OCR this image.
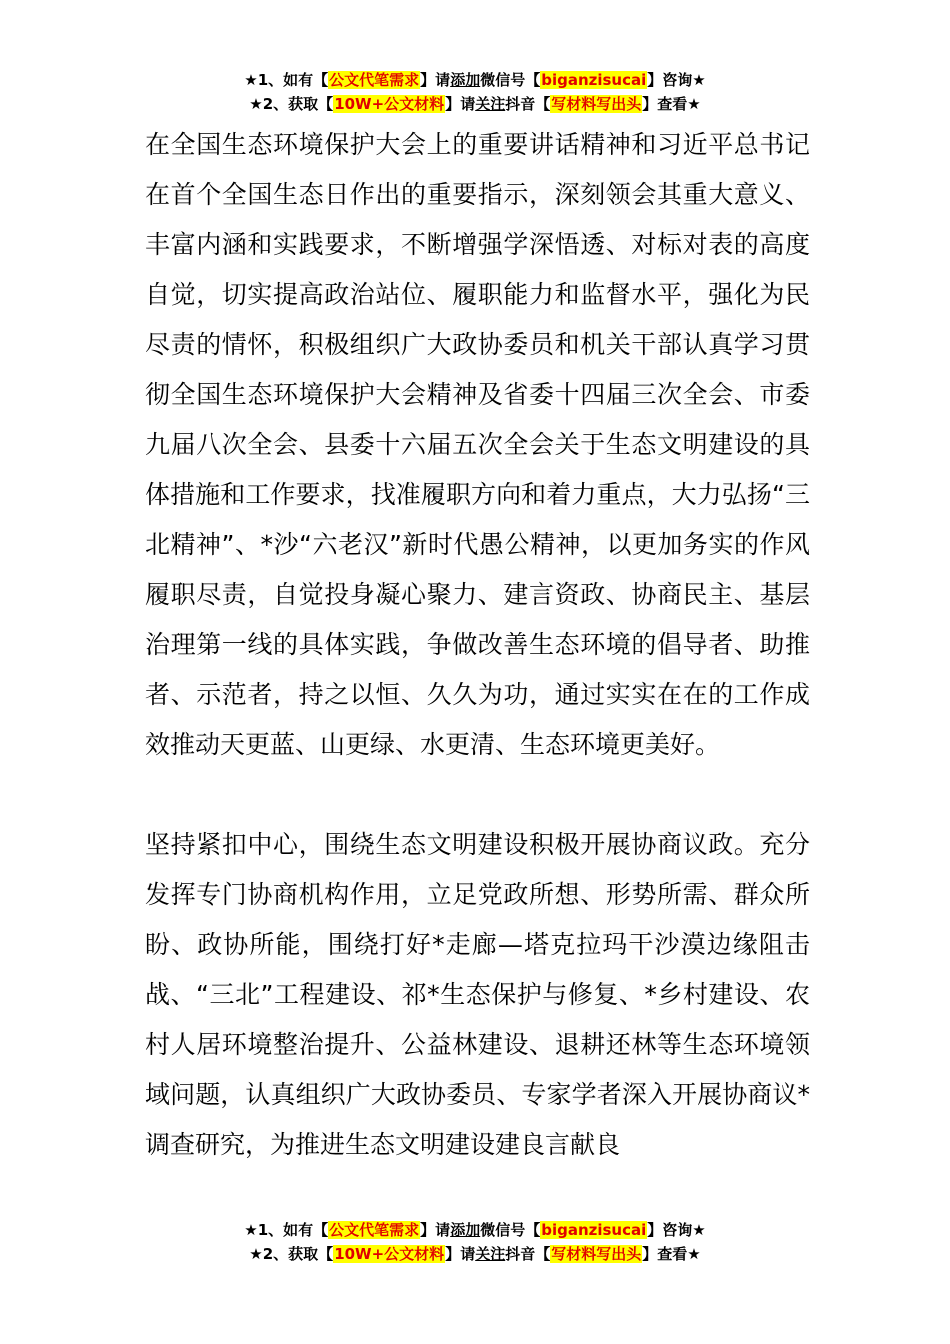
★1、如有【公文代笔需求】请添加微信号【biganzisucai】咨询★
★2、获取【10W+公文材料】请关注抖音【写材料写出头】查看★

在全国生态环境保护大会上的重要讲话精神和习近平总书记在首个全国生态日作出的重要指示，深刻领会其重大意义、丰富内涵和实践要求，不断增强学深悟透、对标对表的高度自觉，切实提高政治站位、履职能力和监督水平，强化为民尽责的情怀，积极组织广大政协委员和机关干部认真学习贯彻全国生态环境保护大会精神及省委十四届三次全会、市委九届八次全会、县委十六届五次全会关于生态文明建设的具体措施和工作要求，找准履职方向和着力重点，大力弘扬“三北精神”、*沙“六老汉”新时代愚公精神，以更加务实的作风履职尽责，自觉投身凝心聚力、建言资政、协商民主、基层治理第一线的具体实践，争做改善生态环境的倡导者、助推者、示范者，持之以恒、久久为功，通过实实在在的工作成效推动天更蓝、山更绿、水更清、生态环境更美好。

坚持紧扣中心，围绕生态文明建设积极开展协商议政。充分发挥专门协商机构作用，立足党政所想、形势所需、群众所盼、政协所能，围绕打好*走廊—塔克拉玛干沙漠边缘阻击战、“三北”工程建设、祁*生态保护与修复、*乡村建设、农村人居环境整治提升、公益林建设、退耕还林等生态环境领域问题，认真组织广大政协委员、专家学者深入开展协商议*调查研究，为推进生态文明建设建良言献良

★1、如有【公文代笔需求】请添加微信号【biganzisucai】咨询★
★2、获取【10W+公文材料】请关注抖音【写材料写出头】查看★
